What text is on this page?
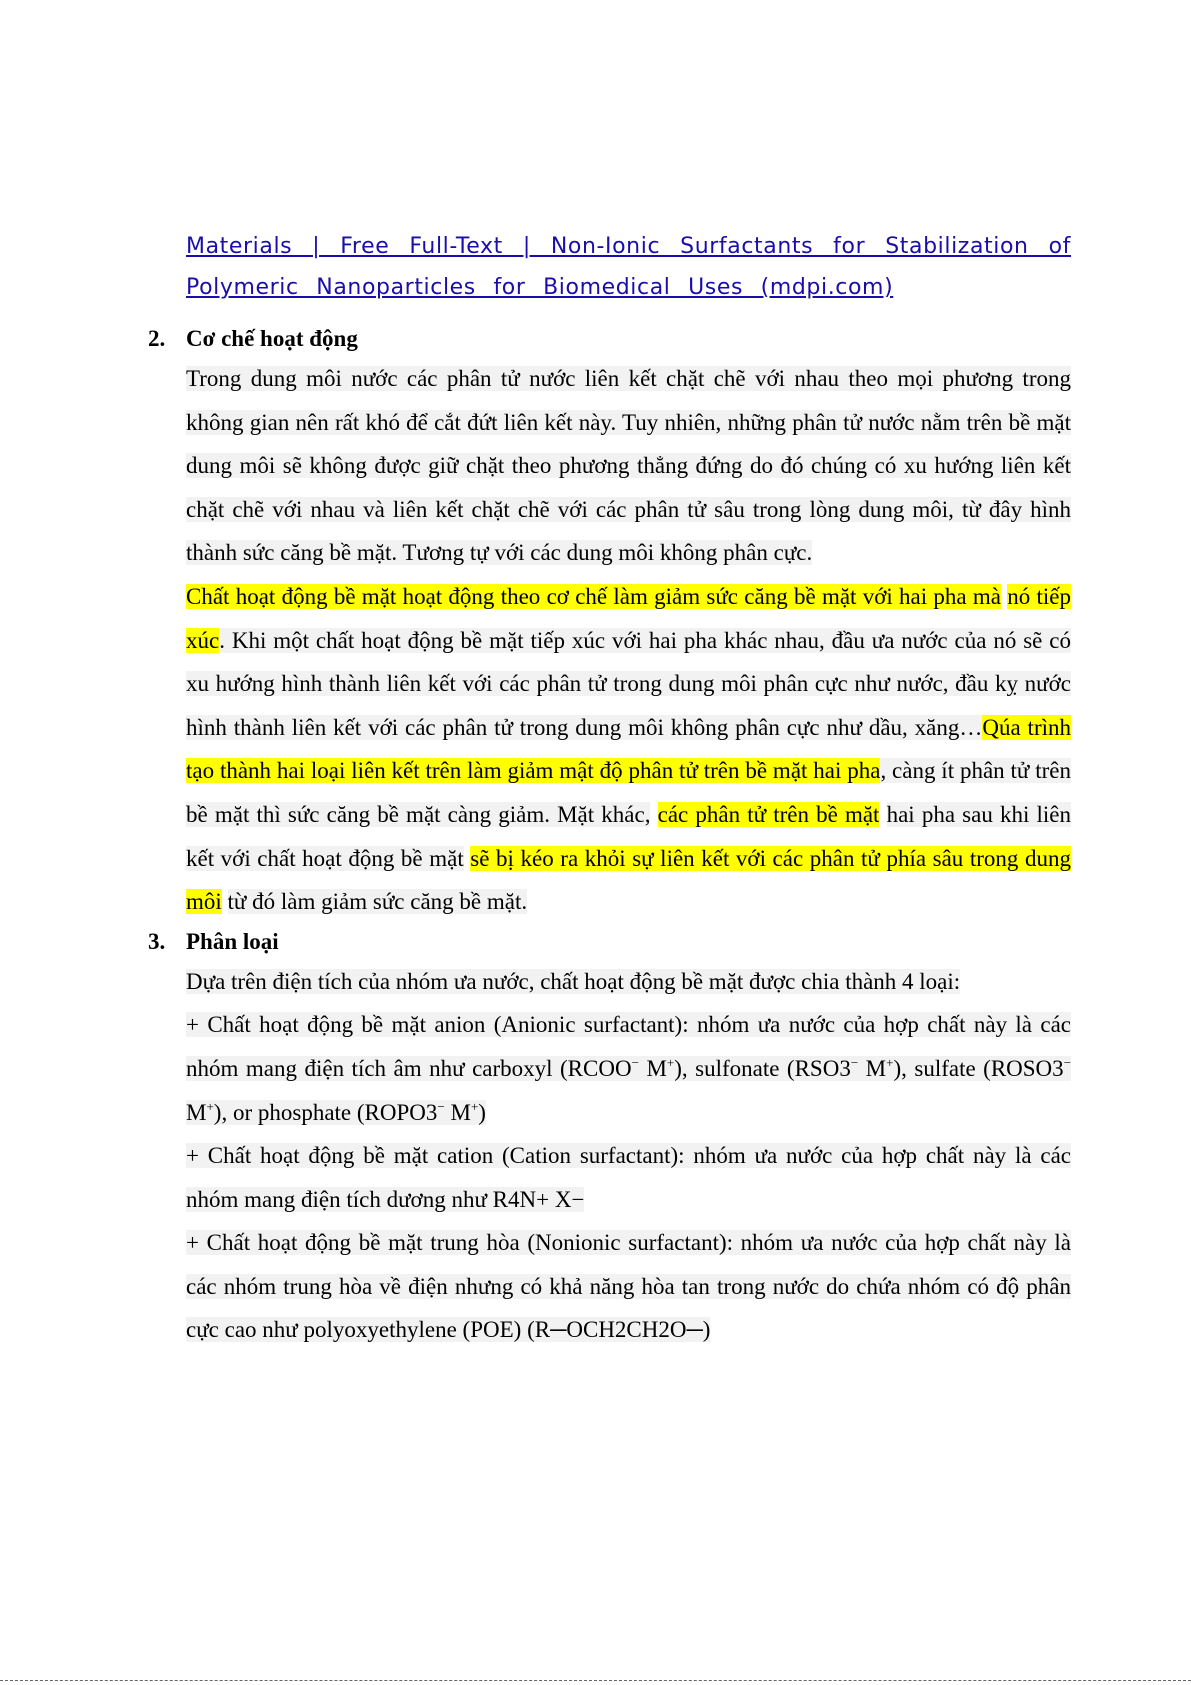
Materials | Free Full-Text | Non-Ionic Surfactants for Stabilization of Polymeric Nanoparticles for Biomedical Uses (mdpi.com)

2. Cơ chế hoạt động

Trong dung môi nước các phân tử nước liên kết chặt chẽ với nhau theo mọi phương trong không gian nên rất khó để cắt đứt liên kết này. Tuy nhiên, những phân tử nước nằm trên bề mặt dung môi sẽ không được giữ chặt theo phương thẳng đứng do đó chúng có xu hướng liên kết chặt chẽ với nhau và liên kết chặt chẽ với các phân tử sâu trong lòng dung môi, từ đây hình thành sức căng bề mặt. Tương tự với các dung môi không phân cực.

Chất hoạt động bề mặt hoạt động theo cơ chế làm giảm sức căng bề mặt với hai pha mà nó tiếp xúc. Khi một chất hoạt động bề mặt tiếp xúc với hai pha khác nhau, đầu ưa nước của nó sẽ có xu hướng hình thành liên kết với các phân tử trong dung môi phân cực như nước, đầu kỵ nước hình thành liên kết với các phân tử trong dung môi không phân cực như dầu, xăng…Qúa trình tạo thành hai loại liên kết trên làm giảm mật độ phân tử trên bề mặt hai pha, càng ít phân tử trên bề mặt thì sức căng bề mặt càng giảm. Mặt khác, các phân tử trên bề mặt hai pha sau khi liên kết với chất hoạt động bề mặt sẽ bị kéo ra khỏi sự liên kết với các phân tử phía sâu trong dung môi từ đó làm giảm sức căng bề mặt.

3. Phân loại

Dựa trên điện tích của nhóm ưa nước, chất hoạt động bề mặt được chia thành 4 loại:

+ Chất hoạt động bề mặt anion (Anionic surfactant): nhóm ưa nước của hợp chất này là các nhóm mang điện tích âm như carboxyl (RCOO− M+), sulfonate (RSO3− M+), sulfate (ROSO3− M+), or phosphate (ROPO3− M+)

+ Chất hoạt động bề mặt cation (Cation surfactant): nhóm ưa nước của hợp chất này là các nhóm mang điện tích dương như R4N+ X−

+ Chất hoạt động bề mặt trung hòa (Nonionic surfactant): nhóm ưa nước của hợp chất này là các nhóm trung hòa về điện nhưng có khả năng hòa tan trong nước do chứa nhóm có độ phân cực cao như polyoxyethylene (POE) (R─OCH2CH2O─)
